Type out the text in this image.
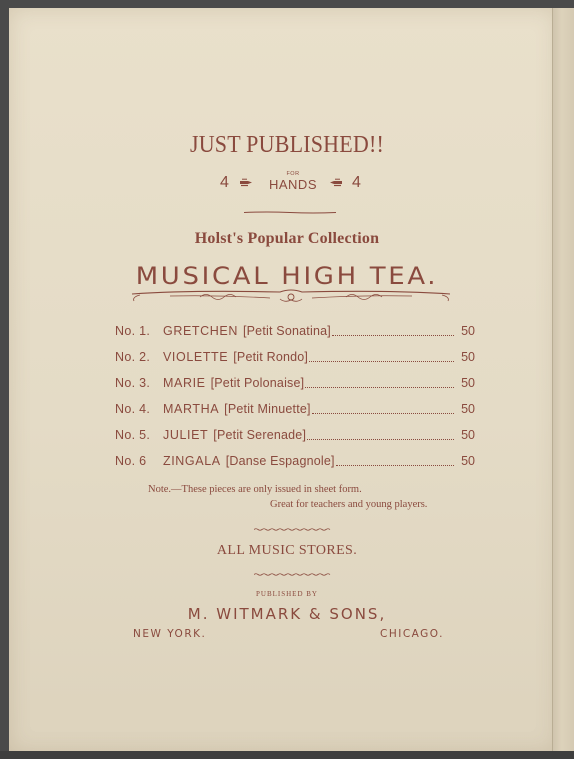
JUST PUBLISHED!!
4	FOR
HANDS 4
Holst's Popular Collection
MUSICAL HIGH TEA.
No. 1. GRETCHEN [Petit Sonatina]	50
No. 2. VIOLETTE [Petit Rondo]	50
No. 3. MARIE [Petit Polonaise]	50
No. 4. MARTHA [Petit Minuette]	50
No. 5. JULIET [Petit Serenade]	50
No. 6 ZINGALA [Danse Espagnole]	50
Note.—These pieces are only issued in sheet form.
Great for teachers and young players.
ALL MUSIC STORES.
PUBLISHED BY
M. WITMARK & SONS,
NEW YORK.	CHICAGO.
